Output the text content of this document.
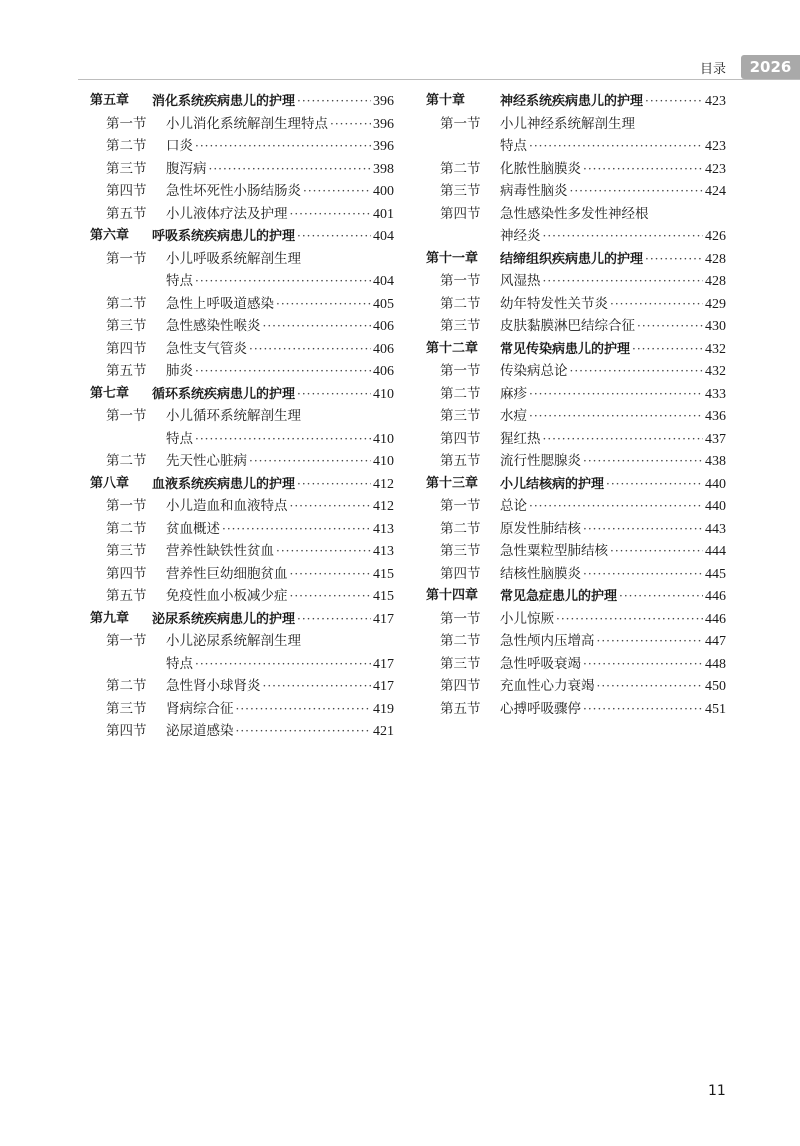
目录	2026
第五章 消化系统疾病患儿的护理 ·····	396
第一节 小儿消化系统解剖生理特点 ·····	396
第二节 口炎 ·····	396
第三节 腹泻病 ·····	398
第四节 急性坏死性小肠结肠炎 ·····	400
第五节 小儿液体疗法及护理 ·····	401
第六章 呼吸系统疾病患儿的护理 ·····	404
第一节 小儿呼吸系统解剖生理
特点 ·····	404
第二节 急性上呼吸道感染 ·····	405
第三节 急性感染性喉炎 ·····	406
第四节 急性支气管炎 ·····	406
第五节 肺炎 ·····	406
第七章 循环系统疾病患儿的护理 ·····	410
第一节 小儿循环系统解剖生理
特点 ·····	410
第二节 先天性心脏病 ·····	410
第八章 血液系统疾病患儿的护理 ·····	412
第一节 小儿造血和血液特点 ·····	412
第二节 贫血概述 ·····	413
第三节 营养性缺铁性贫血 ·····	413
第四节 营养性巨幼细胞贫血 ·····	415
第五节 免疫性血小板减少症 ·····	415
第九章 泌尿系统疾病患儿的护理 ·····	417
第一节 小儿泌尿系统解剖生理
特点 ·····	417
第二节 急性肾小球肾炎 ·····	417
第三节 肾病综合征 ·····	419
第四节 泌尿道感染 ·····	421
第十章	神经系统疾病患儿的护理 ·····	423
第一节 小儿神经系统解剖生理
特点 ·····	423
第二节 化脓性脑膜炎 ·····	423
第三节 病毒性脑炎 ·····	424
第四节 急性感染性多发性神经根
神经炎 ·····	426
第十一章 结缔组织疾病患儿的护理 ·····	428
第一节 风湿热 ·····	428
第二节 幼年特发性关节炎 ·····	429
第三节 皮肤黏膜淋巴结综合征 ·····	430
第十二章 常见传染病患儿的护理 ·····	432
第一节 传染病总论 ·····	432
第二节 麻疹 ·····	433
第三节 水痘 ·····	436
第四节 猩红热 ·····	437
第五节 流行性腮腺炎 ·····	438
第十三章 小儿结核病的护理 ·····	440
第一节 总论 ·····	440
第二节 原发性肺结核 ·····	443
第三节 急性粟粒型肺结核 ·····	444
第四节 结核性脑膜炎 ·····	445
第十四章 常见急症患儿的护理 ·····	446
第一节 小儿惊厥 ·····	446
第二节 急性颅内压增高 ·····	447
第三节 急性呼吸衰竭 ·····	448
第四节 充血性心力衰竭 ·····	450
第五节 心搏呼吸骤停 ·····	451
11
